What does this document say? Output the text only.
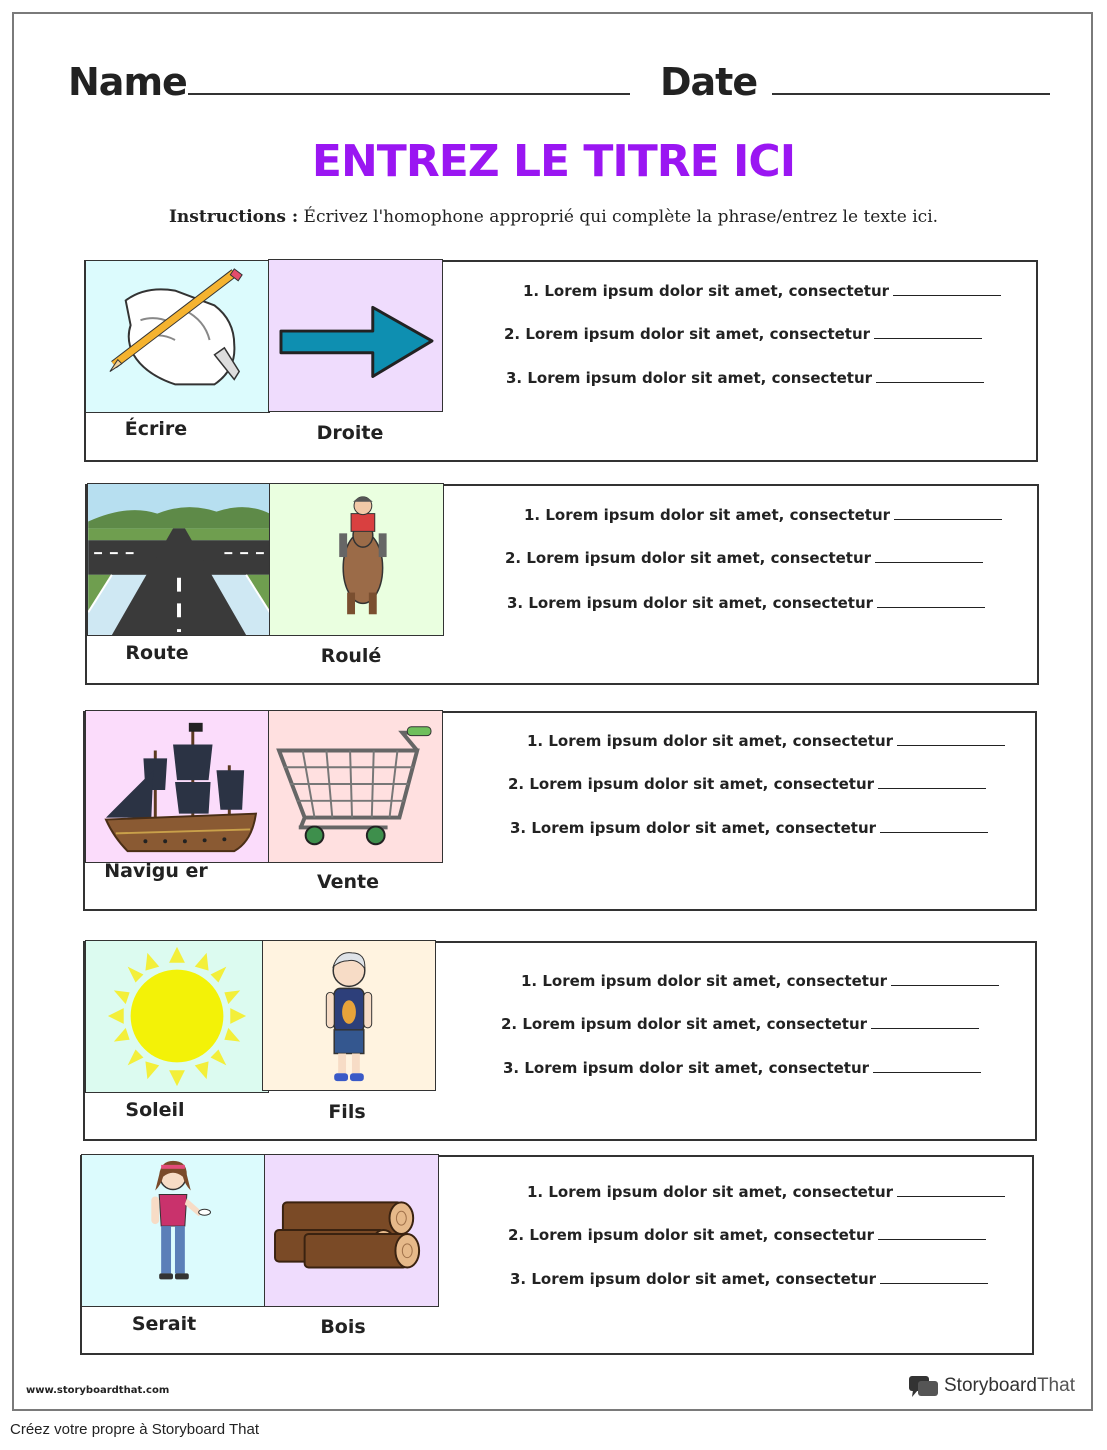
Name	Date
ENTREZ LE TITRE ICI
Instructions : Écrivez l'homophone approprié qui complète la phrase/entrez le texte ici.
Écrire	Droite
1. Lorem ipsum dolor sit amet, consectetur
2. Lorem ipsum dolor sit amet, consectetur
3. Lorem ipsum dolor sit amet, consectetur
Route	Roulé
1. Lorem ipsum dolor sit amet, consectetur
2. Lorem ipsum dolor sit amet, consectetur
3. Lorem ipsum dolor sit amet, consectetur
Navigu er	Vente
1. Lorem ipsum dolor sit amet, consectetur
2. Lorem ipsum dolor sit amet, consectetur
3. Lorem ipsum dolor sit amet, consectetur
Soleil	Fils
1. Lorem ipsum dolor sit amet, consectetur
2. Lorem ipsum dolor sit amet, consectetur
3. Lorem ipsum dolor sit amet, consectetur
Serait	Bois
1. Lorem ipsum dolor sit amet, consectetur
2. Lorem ipsum dolor sit amet, consectetur
3. Lorem ipsum dolor sit amet, consectetur
www.storyboardthat.com	StoryboardThat
Créez votre propre à Storyboard That
